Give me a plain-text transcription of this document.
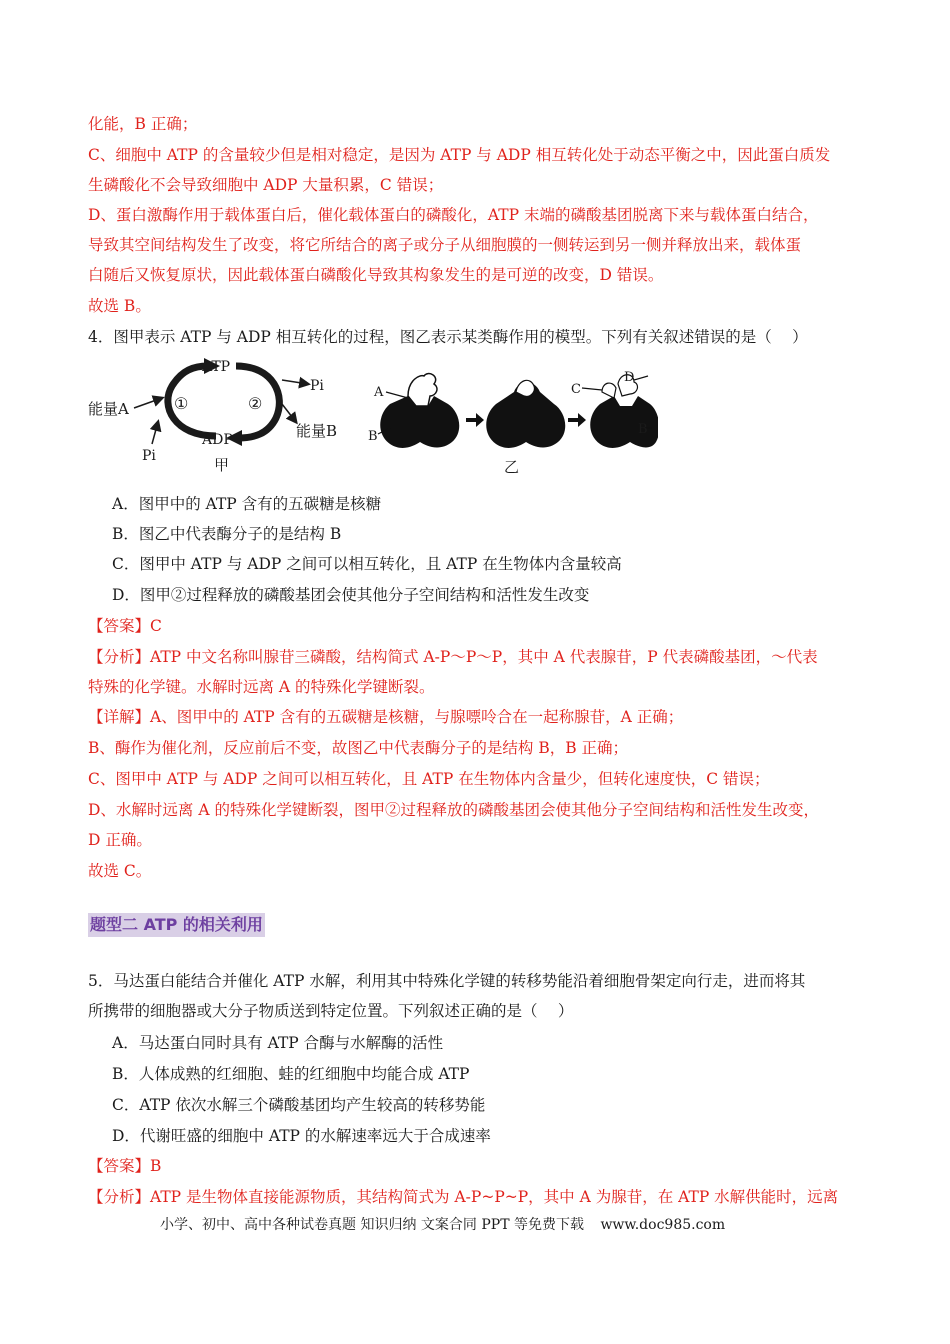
化能，B 正确；
C、细胞中 ATP 的含量较少但是相对稳定，是因为 ATP 与 ADP 相互转化处于动态平衡之中，因此蛋白质发
生磷酸化不会导致细胞中 ADP 大量积累，C 错误；
D、蛋白激酶作用于载体蛋白后，催化载体蛋白的磷酸化，ATP 末端的磷酸基团脱离下来与载体蛋白结合，
导致其空间结构发生了改变，将它所结合的离子或分子从细胞膜的一侧转运到另一侧并释放出来，载体蛋
白随后又恢复原状，因此载体蛋白磷酸化导致其构象发生的是可逆的改变，D 错误。
故选 B。
4．图甲表示 ATP 与 ADP 相互转化的过程，图乙表示某类酶作用的模型。下列有关叙述错误的是（　 ）
ATP
ADP
Pi
Pi
能量A
能量B
①	②
甲
A
B
C
D
B
乙
A．图甲中的 ATP 含有的五碳糖是核糖
B．图乙中代表酶分子的是结构 B
C．图甲中 ATP 与 ADP 之间可以相互转化，且 ATP 在生物体内含量较高
D．图甲②过程释放的磷酸基团会使其他分子空间结构和活性发生改变
【答案】C
【分析】ATP 中文名称叫腺苷三磷酸，结构简式 A-P～P～P，其中 A 代表腺苷，P 代表磷酸基团，～代表
特殊的化学键。水解时远离 A 的特殊化学键断裂。
【详解】A、图甲中的 ATP 含有的五碳糖是核糖，与腺嘌呤合在一起称腺苷，A 正确；
B、酶作为催化剂，反应前后不变，故图乙中代表酶分子的是结构 B，B 正确；
C、图甲中 ATP 与 ADP 之间可以相互转化，且 ATP 在生物体内含量少，但转化速度快，C 错误；
D、水解时远离 A 的特殊化学键断裂，图甲②过程释放的磷酸基团会使其他分子空间结构和活性发生改变，
D 正确。
故选 C。
题型二 ATP 的相关利用
5．马达蛋白能结合并催化 ATP 水解，利用其中特殊化学键的转移势能沿着细胞骨架定向行走，进而将其
所携带的细胞器或大分子物质送到特定位置。下列叙述正确的是（　 ）
A．马达蛋白同时具有 ATP 合酶与水解酶的活性
B．人体成熟的红细胞、蛙的红细胞中均能合成 ATP
C．ATP 依次水解三个磷酸基团均产生较高的转移势能
D．代谢旺盛的细胞中 ATP 的水解速率远大于合成速率
【答案】B
【分析】ATP 是生物体直接能源物质，其结构简式为 A-P~P~P，其中 A 为腺苷，在 ATP 水解供能时，远离
小学、初中、高中各种试卷真题 知识归纳 文案合同 PPT 等免费下载 www.doc985.com
